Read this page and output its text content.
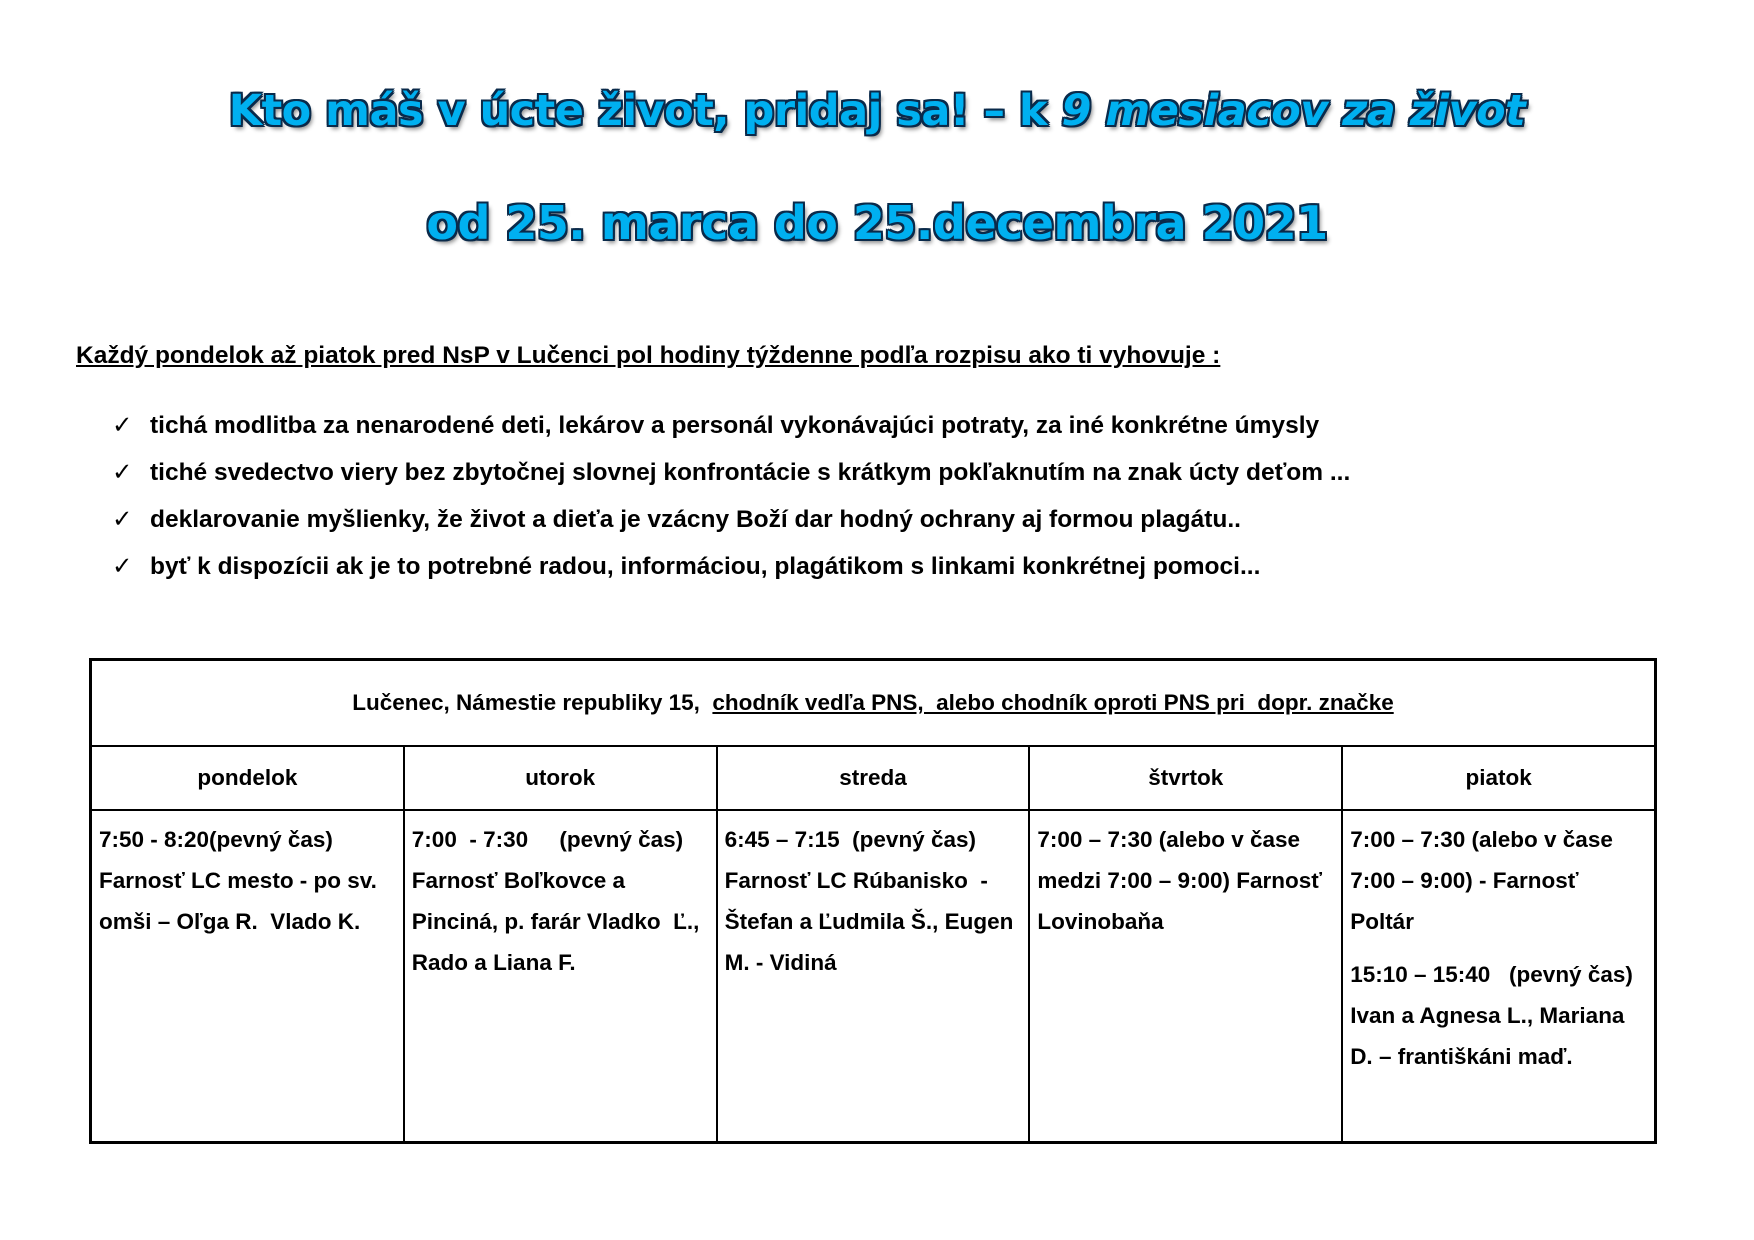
Kto máš v úcte život, pridaj sa! – k 9 mesiacov za život
od 25. marca do 25.decembra 2021
Každý pondelok až piatok pred NsP v Lučenci pol hodiny týždenne podľa rozpisu ako ti vyhovuje :
✓ tichá modlitba za nenarodené deti, lekárov a personál vykonávajúci potraty, za iné konkrétne úmysly
✓ tiché svedectvo viery bez zbytočnej slovnej konfrontácie s krátkym pokľaknutím na znak úcty deťom ...
✓ deklarovanie myšlienky, že život a dieťa je vzácny Boží dar hodný ochrany aj formou plagátu..
✓ byť k dispozícii ak je to potrebné radou, informáciou, plagátikom s linkami konkrétnej pomoci...
Lučenec, Námestie republiky 15, chodník vedľa PNS,  alebo chodník oproti PNS pri  dopr. značke
pondelok

7:50 - 8:20(pevný čas) Farnosť LC mesto - po sv. omši – Oľga R.  Vlado K.

utorok

7:00  - 7:30     (pevný čas)   Farnosť Boľkovce a Pinciná, p. farár Vladko  Ľ., Rado a Liana F.

streda

6:45 – 7:15  (pevný čas) Farnosť LC Rúbanisko  - Štefan a Ľudmila Š., Eugen M. - Vidiná

štvrtok

7:00 – 7:30 (alebo v čase medzi 7:00 – 9:00) Farnosť Lovinobaňa

piatok

7:00 – 7:30 (alebo v čase 7:00 – 9:00) - Farnosť Poltár

15:10 – 15:40   (pevný čas)    Ivan a Agnesa L., Mariana D. – františkáni maď.
